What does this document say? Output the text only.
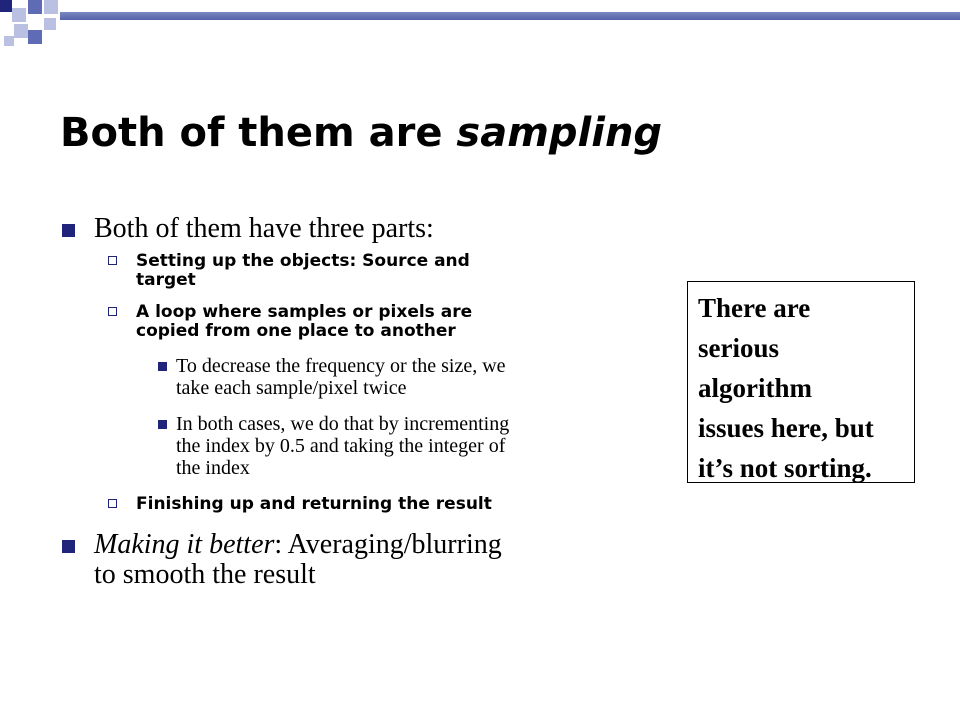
Both of them are sampling
Both of them have three parts:
Setting up the objects: Source and
target
A loop where samples or pixels are
copied from one place to another
To decrease the frequency or the size, we
take each sample/pixel twice
In both cases, we do that by incrementing
the index by 0.5 and taking the integer of
the index
Finishing up and returning the result
Making it better: Averaging/blurring
to smooth the result
There are
serious
algorithm
issues here, but
it’s not sorting.
